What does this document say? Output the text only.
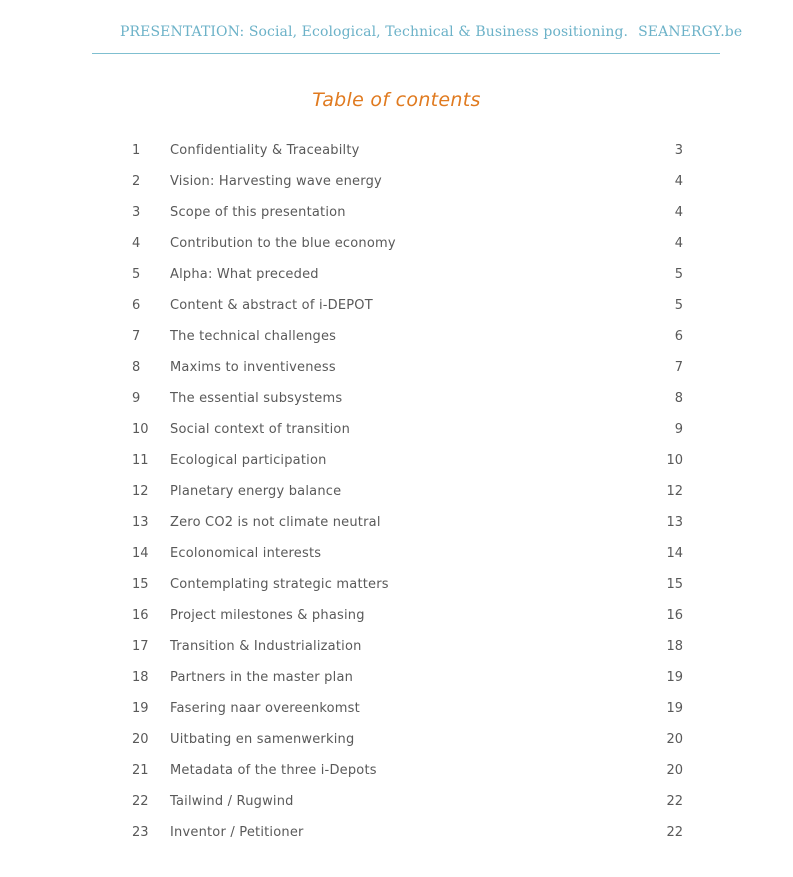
PRESENTATION: Social, Ecological, Technical & Business positioning. SEANERGY.be
Table of contents
1 Confidentiality & Traceabilty	3
2 Vision: Harvesting wave energy	4
3 Scope of this presentation	4
4 Contribution to the blue economy	4
5 Alpha: What preceded	5
6 Content & abstract of i-DEPOT	5
7 The technical challenges	6
8 Maxims to inventiveness	7
9 The essential subsystems	8
10 Social context of transition	9
11 Ecological participation	10
12 Planetary energy balance	12
13 Zero CO2 is not climate neutral	13
14 Ecolonomical interests	14
15 Contemplating strategic matters	15
16 Project milestones & phasing	16
17 Transition & Industrialization	18
18 Partners in the master plan	19
19 Fasering naar overeenkomst	19
20 Uitbating en samenwerking	20
21 Metadata of the three i-Depots	20
22 Tailwind / Rugwind	22
23 Inventor / Petitioner	22
